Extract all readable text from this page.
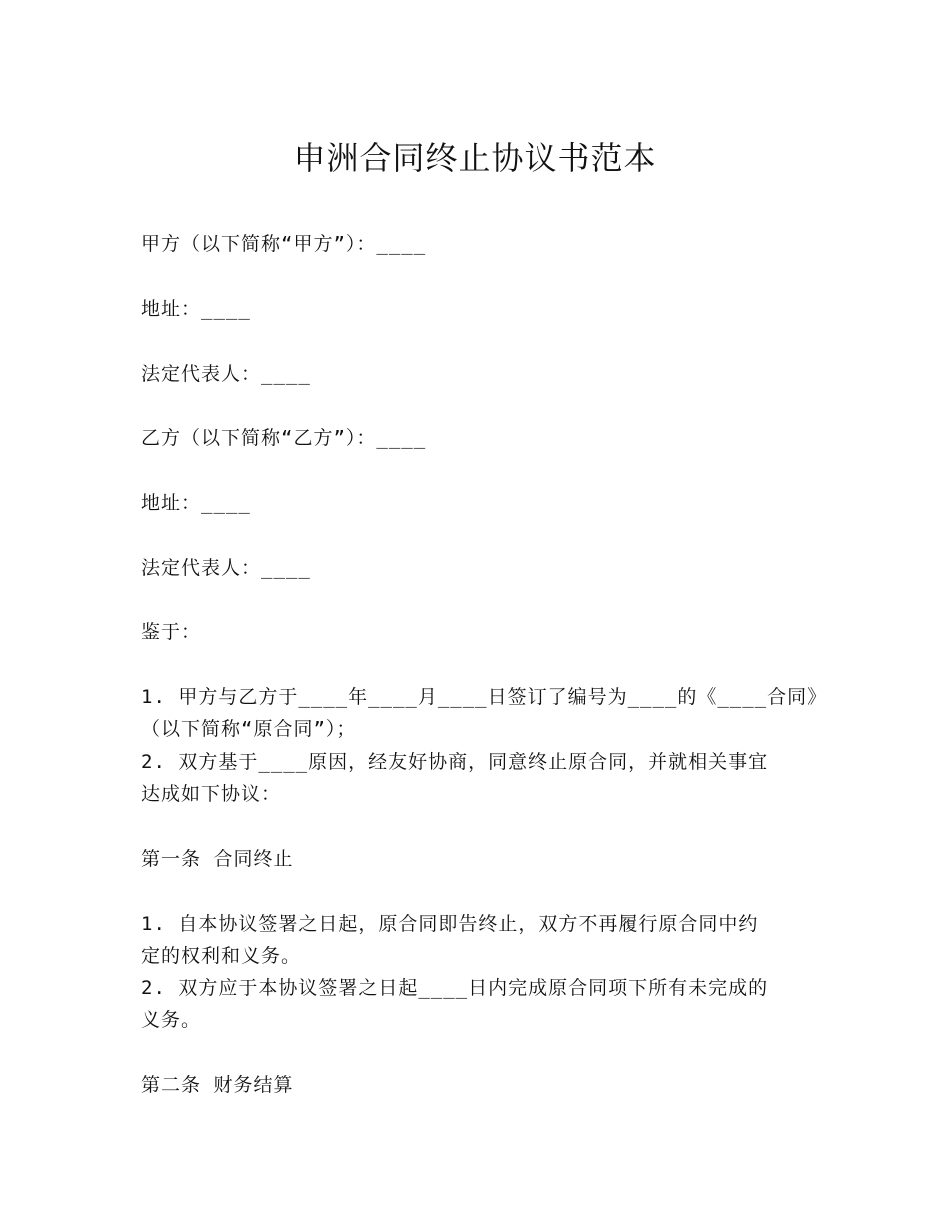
申洲合同终止协议书范本
甲方（以下简称“甲方”）：____
地址：____
法定代表人：____
乙方（以下简称“乙方”）：____
地址：____
法定代表人：____
鉴于：
1. 甲方与乙方于____年____月____日签订了编号为____的《____合同》
（以下简称“原合同”）；
2. 双方基于____原因，经友好协商，同意终止原合同，并就相关事宜
达成如下协议：
第一条 合同终止
1. 自本协议签署之日起，原合同即告终止，双方不再履行原合同中约
定的权利和义务。
2. 双方应于本协议签署之日起____日内完成原合同项下所有未完成的
义务。
第二条 财务结算
